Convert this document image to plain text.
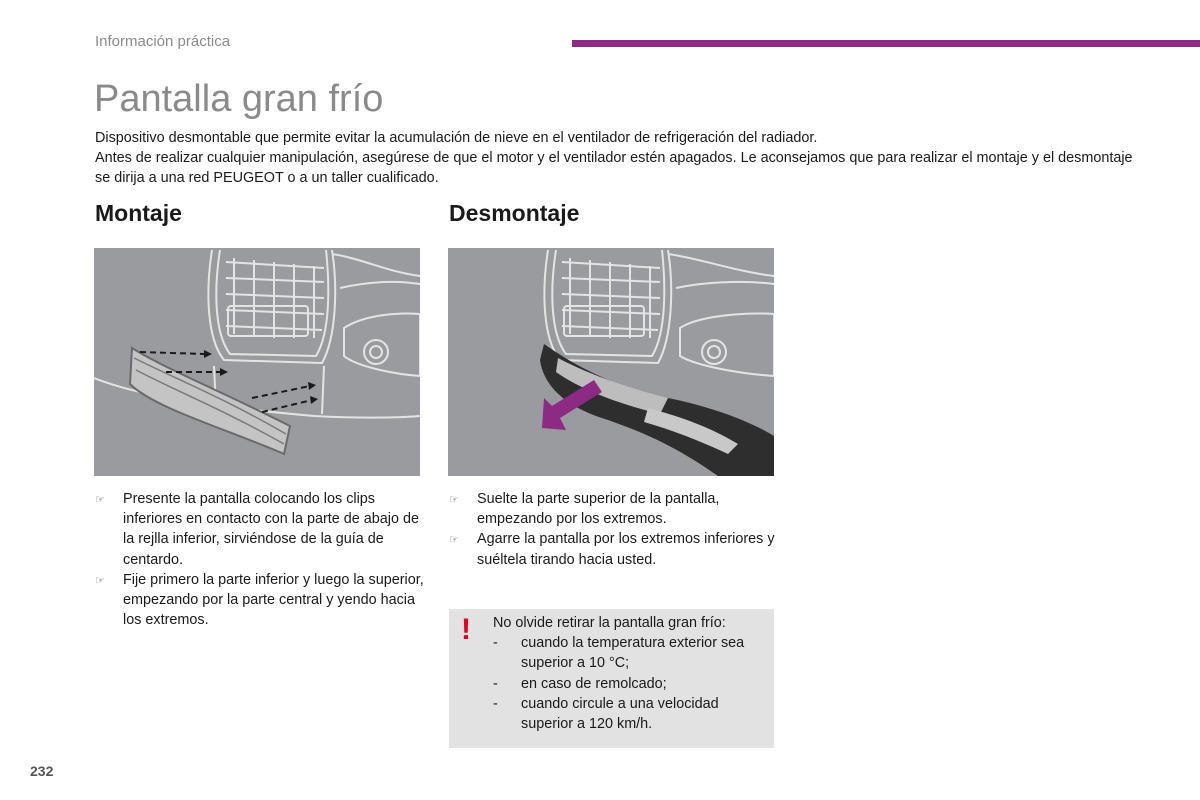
Información práctica
Pantalla gran frío

Dispositivo desmontable que permite evitar la acumulación de nieve en el ventilador de refrigeración del radiador.

Antes de realizar cualquier manipulación, asegúrese de que el motor y el ventilador estén apagados. Le aconsejamos que para realizar el montaje y el desmontaje se dirija a una red PEUGEOT o a un taller cualificado.

Montaje
☞ Presente la pantalla colocando los clips inferiores en contacto con la parte de abajo de la rejlla inferior, sirviéndose de la guía de centardo.
☞ Fije primero la parte inferior y luego la superior, empezando por la parte central y yendo hacia los extremos.
Desmontaje
☞ Suelte la parte superior de la pantalla, empezando por los extremos.
☞ Agarre la pantalla por los extremos inferiores y suéltela tirando hacia usted.
! No olvide retirar la pantalla gran frío:
- cuando la temperatura exterior sea superior a 10 °C;
- en caso de remolcado;
- cuando circule a una velocidad superior a 120 km/h.
232
